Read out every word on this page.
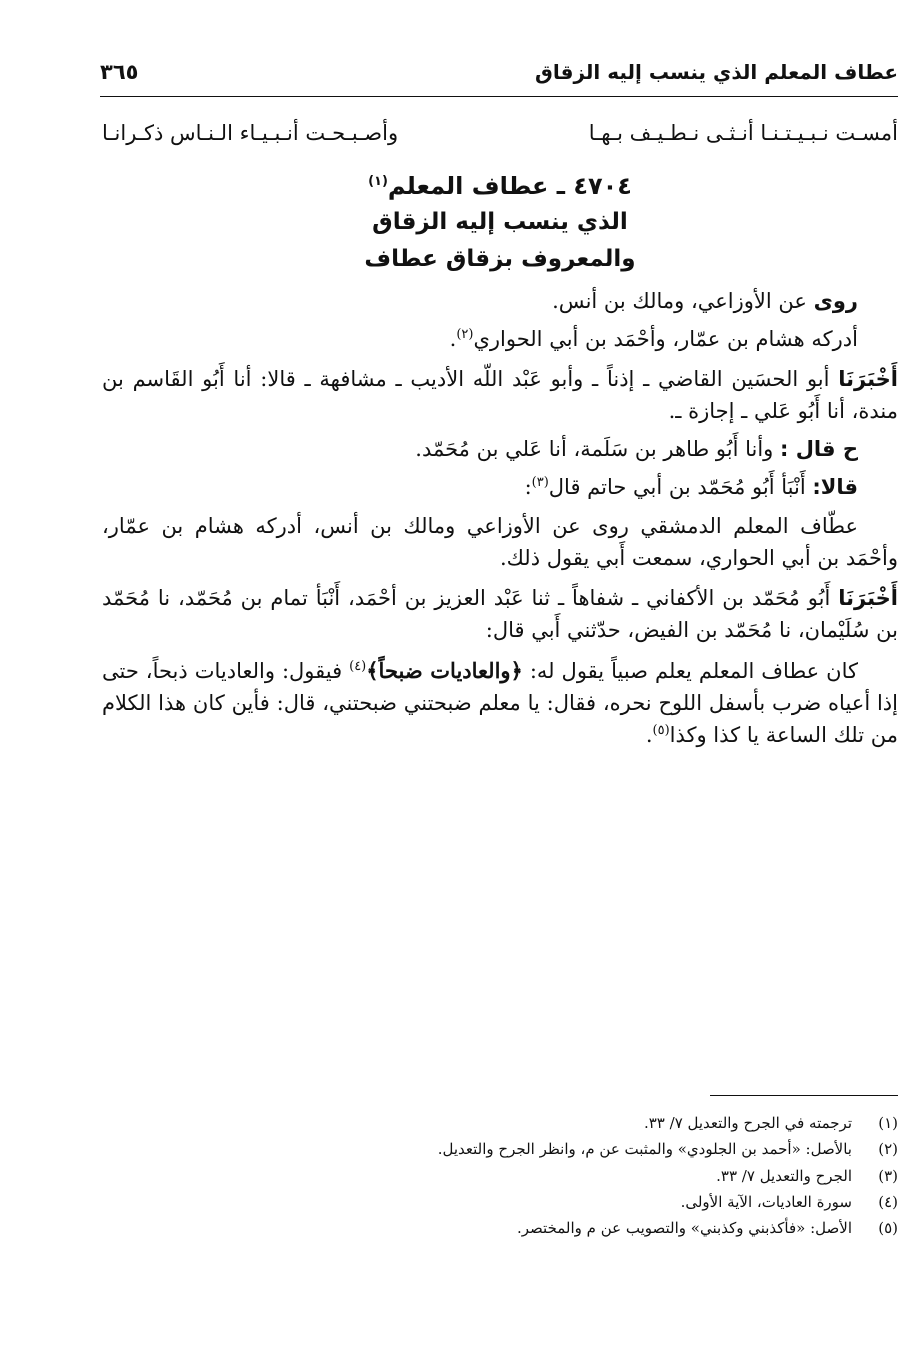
عطاف المعلم الذي ينسب إليه الزقاق
٣٦٥
أمسـت نـبـيـتـنـا أنـثـى نـطـيـف بـهـا
وأصـبـحـت أنـبـيـاء الـنـاس ذكـرانـا
٤٧٠٤ ـ عطاف المعلم$^{(١)}$
الذي ينسب إليه الزقاق
والمعروف بزقاق عطاف

روى عن الأوزاعي، ومالك بن أنس.

أدركه هشام بن عمّار، وأحْمَد بن أبي الحواري$^{(٢)}$.

أَخْبَرَنَا أبو الحسَين القاضي ـ إذناً ـ وأبو عَبْد اللّه الأديب ـ مشافهة ـ قالا: أنا أَبُو القَاسم بن مندة، أنا أَبُو عَلي ـ إجازة ـ.

ح قال : وأنا أَبُو طاهر بن سَلَمة، أنا عَلي بن مُحَمّد.

قالا: أَنْبَأ أَبُو مُحَمّد بن أبي حاتم قال$^{(٣)}$:

عطّاف المعلم الدمشقي روى عن الأوزاعي ومالك بن أنس، أدركه هشام بن عمّار، وأحْمَد بن أبي الحواري، سمعت أَبي يقول ذلك.

أَخْبَرَنَا أَبُو مُحَمّد بن الأكفاني ـ شفاهاً ـ ثنا عَبْد العزيز بن أحْمَد، أَنْبَأ تمام بن مُحَمّد، نا مُحَمّد بن سُلَيْمان، نا مُحَمّد بن الفيض، حدّثني أَبي قال:

كان عطاف المعلم يعلم صبياً يقول له: ﴿والعاديات ضبحاً﴾$^{(٤)}$ فيقول: والعاديات ذبحاً، حتى إذا أعياه ضرب بأسفل اللوح نحره، فقال: يا معلم ضبحتني ضبحتني، قال: فأين كان هذا الكلام من تلك الساعة يا كذا وكذا$^{(٥)}$.

(١)
ترجمته في الجرح والتعديل ٧/ ٣٣.
(٢)
بالأصل: «أحمد بن الجلودي» والمثبت عن م، وانظر الجرح والتعديل.
(٣)
الجرح والتعديل ٧/ ٣٣.
(٤)
سورة العاديات، الآية الأولى.
(٥)
الأصل: «فأكذبني وكذبني» والتصويب عن م والمختصر.
